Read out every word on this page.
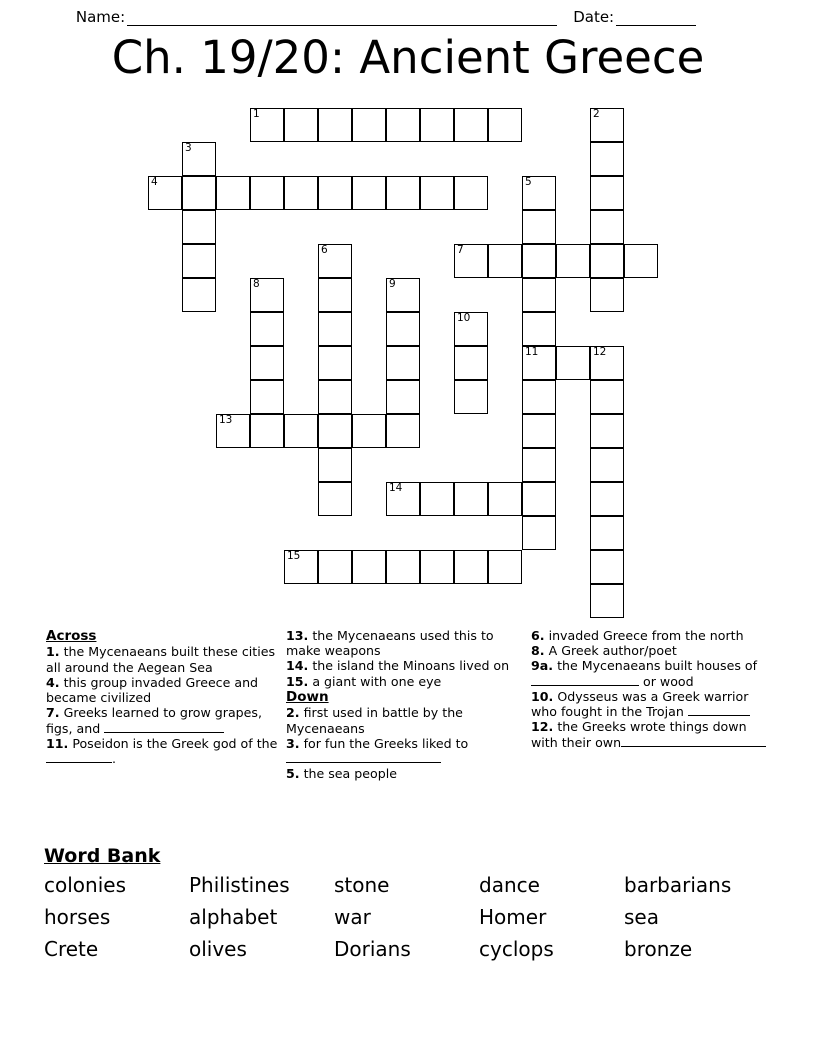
Name:	Date:
Ch. 19/20: Ancient Greece
1	2
3
4	5
6	7
8	9
10
11	12
13
14
15
Across
1. the Mycenaeans built these cities all around the Aegean Sea
4. this group invaded Greece and became civilized
7. Greeks learned to grow grapes, figs, and
11. Poseidon is the Greek god of the .
13. the Mycenaeans used this to make weapons
14. the island the Minoans lived on
15. a giant with one eye
Down
2. first used in battle by the Mycenaeans
3. for fun the Greeks liked to
5. the sea people
6. invaded Greece from the north
8. A Greek author/poet
9a. the Mycenaeans built houses of  or wood
10. Odysseus was a Greek warrior who fought in the Trojan
12. the Greeks wrote things down with their own
Word Bank
colonies	Philistines	stone	dance	barbarians
horses	alphabet	war	Homer	sea
Crete	olives	Dorians	cyclops	bronze
